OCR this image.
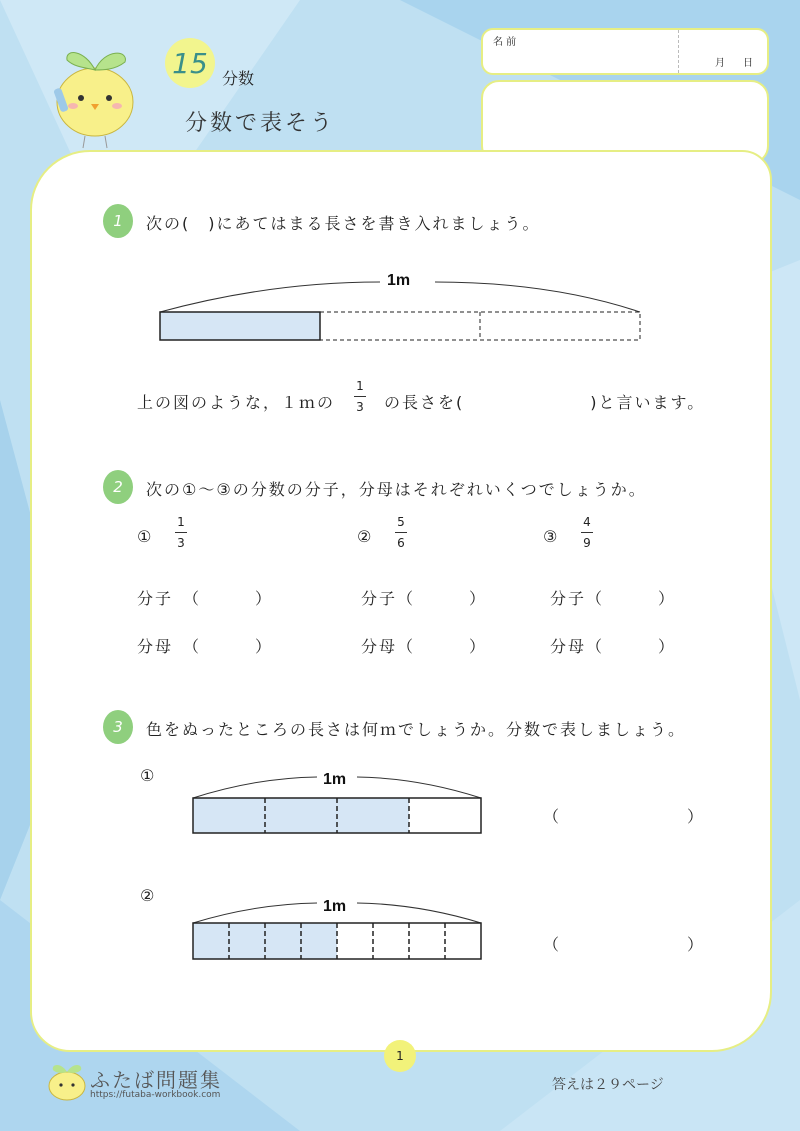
15 分数
分数で表そう
名 前
月 日
1	次の(　)にあてはまる長さを書き入れましょう。
1m
上の図のような，１ｍの
1
3 の長さを(　　　　　　　)と言います。
2	次の①～③の分数の分子，分母はそれぞれいくつでしょうか。
①
1
3	②
5
6	③
4
9
分子　（　　　）	分子（　　　）	分子（　　　）
分母　（　　　）	分母（　　　）	分母（　　　）
3	色をぬったところの長さは何ｍでしょうか。分数で表しましょう。
①	1m
（　　　　　　　）
②
1m
（　　　　　　　）
1
ふたば問題集
https://futaba-workbook.com
答えは２９ページ
